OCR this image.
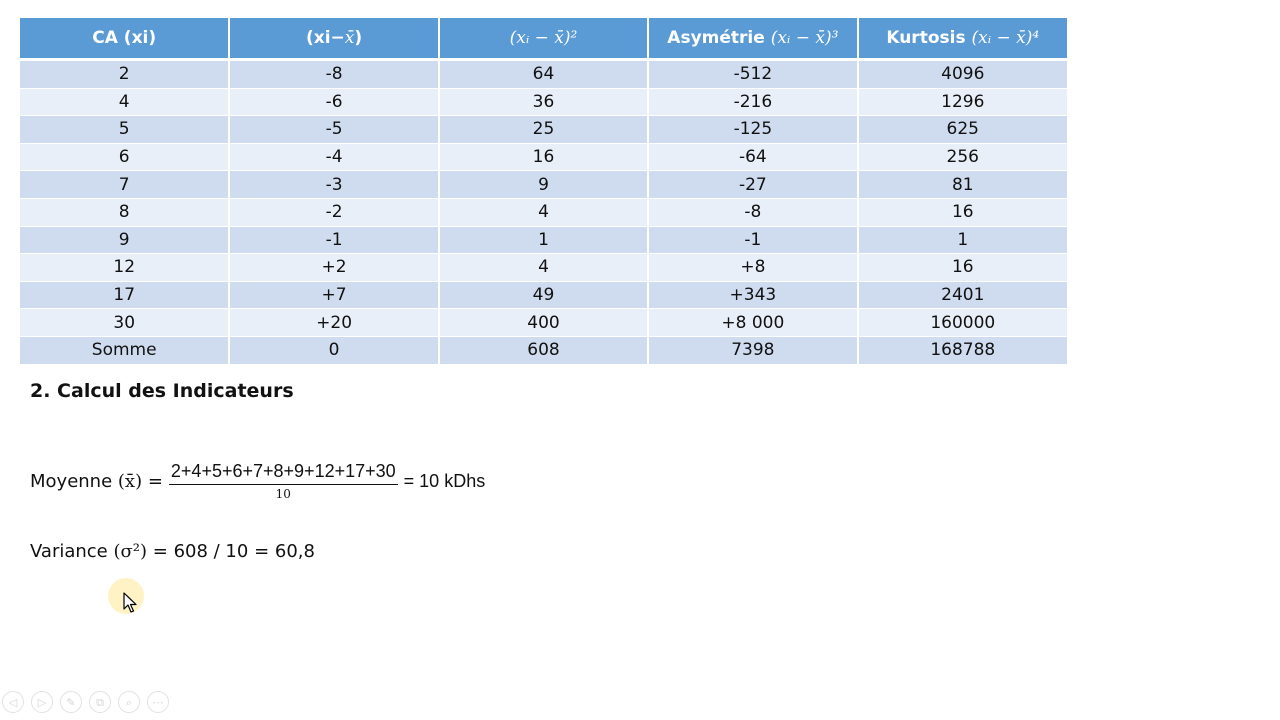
CA (xi)	(xi−x̄)	(xᵢ − x̄)²	Asymétrie (xᵢ − x̄)³	Kurtosis (xᵢ − x̄)⁴
2	-8	64	-512	4096
4	-6	36	-216	1296
5	-5	25	-125	625
6	-4	16	-64	256
7	-3	9	-27	81
8	-2	4	-8	16
9	-1	1	-1	1
12	+2	4	+8	16
17	+7	49	+343	2401
30	+20	400	+8 000	160000
Somme	0	608	7398	168788
2. Calcul des Indicateurs
Moyenne (x̄) = $\frac{2+4+5+6+7+8+9+12+17+30}{10} = 10$ kDhs
Variance (σ²) = 608 / 10 = 60,8
◁	▷	✎	⧉	⌕	⋯
